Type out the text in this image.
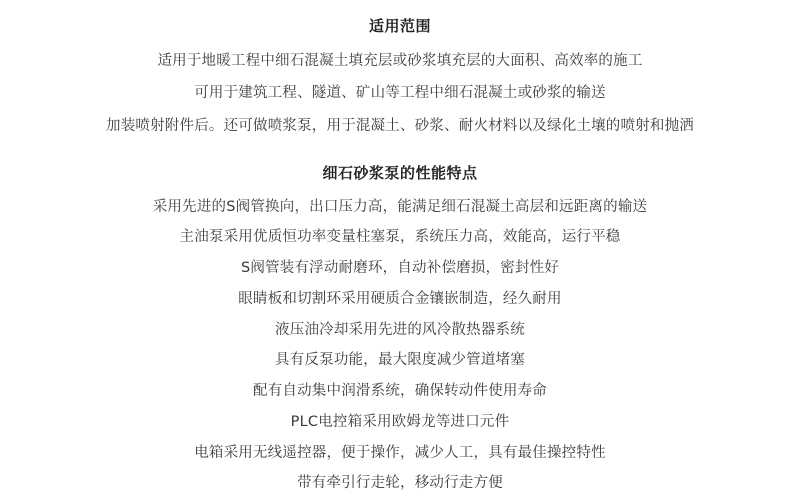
适用范围
适用于地暖工程中细石混凝土填充层或砂浆填充层的大面积、高效率的施工
可用于建筑工程、隧道、矿山等工程中细石混凝土或砂浆的输送
加装喷射附件后。还可做喷浆泵，用于混凝土、砂浆、耐火材料以及绿化土壤的喷射和抛洒
细石砂浆泵的性能特点
采用先进的S阀管换向，出口压力高，能满足细石混凝土高层和远距离的输送
主油泵采用优质恒功率变量柱塞泵，系统压力高，效能高，运行平稳
S阀管装有浮动耐磨环，自动补偿磨损，密封性好
眼睛板和切割环采用硬质合金镶嵌制造，经久耐用
液压油冷却采用先进的风冷散热器系统
具有反泵功能，最大限度减少管道堵塞
配有自动集中润滑系统，确保转动件使用寿命
PLC电控箱采用欧姆龙等进口元件
电箱采用无线遥控器，便于操作，减少人工，具有最佳操控特性
带有牵引行走轮，移动行走方便
